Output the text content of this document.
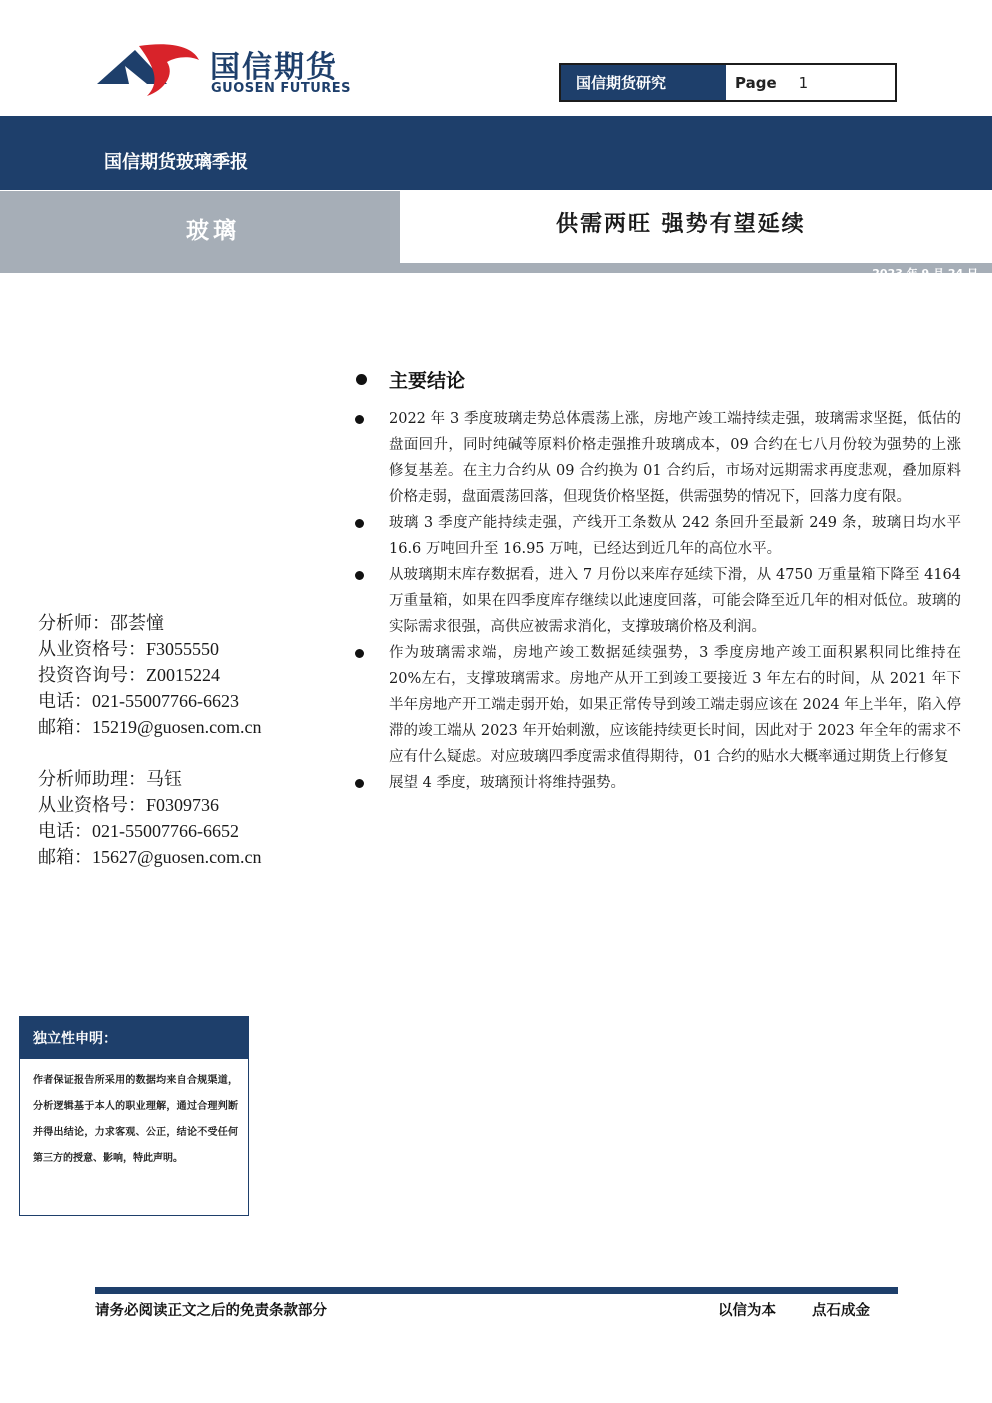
国信期货
GUOSEN FUTURES	国信期货研究	Page 1
国信期货玻璃季报
玻璃	供需两旺 强势有望延续
2023 年 9 月 24 日
主要结论
2022 年 3 季度玻璃走势总体震荡上涨，房地产竣工端持续走强，玻璃需求坚挺，低估的盘面回升，同时纯碱等原料价格走强推升玻璃成本，09 合约在七八月份较为强势的上涨修复基差。在主力合约从 09 合约换为 01 合约后，市场对远期需求再度悲观，叠加原料价格走弱，盘面震荡回落，但现货价格坚挺，供需强势的情况下，回落力度有限。
玻璃 3 季度产能持续走强，产线开工条数从 242 条回升至最新 249 条，玻璃日均水平 16.6 万吨回升至 16.95 万吨，已经达到近几年的高位水平。
从玻璃期末库存数据看，进入 7 月份以来库存延续下滑，从 4750 万重量箱下降至 4164 万重量箱，如果在四季度库存继续以此速度回落，可能会降至近几年的相对低位。玻璃的实际需求很强，高供应被需求消化，支撑玻璃价格及利润。
作为玻璃需求端，房地产竣工数据延续强势，3 季度房地产竣工面积累积同比维持在 20%左右，支撑玻璃需求。房地产从开工到竣工要接近 3 年左右的时间，从 2021 年下半年房地产开工端走弱开始，如果正常传导到竣工端走弱应该在 2024 年上半年，陷入停滞的竣工端从 2023 年开始刺激，应该能持续更长时间，因此对于 2023 年全年的需求不应有什么疑虑。对应玻璃四季度需求值得期待，01 合约的贴水大概率通过期货上行修复
展望 4 季度，玻璃预计将维持强势。
分析师：邵荟憧
从业资格号：F3055550
投资咨询号：Z0015224
电话：021-55007766-6623
邮箱：15219@guosen.com.cn
分析师助理：马钰
从业资格号：F0309736
电话：021-55007766-6652
邮箱：15627@guosen.com.cn
独立性申明：
作者保证报告所采用的数据均来自合规渠道，分析逻辑基于本人的职业理解，通过合理判断 并得出结论，力求客观、公正，结论不受任何第三方的授意、影响，特此声明。
请务必阅读正文之后的免责条款部分	以信为本 点石成金
